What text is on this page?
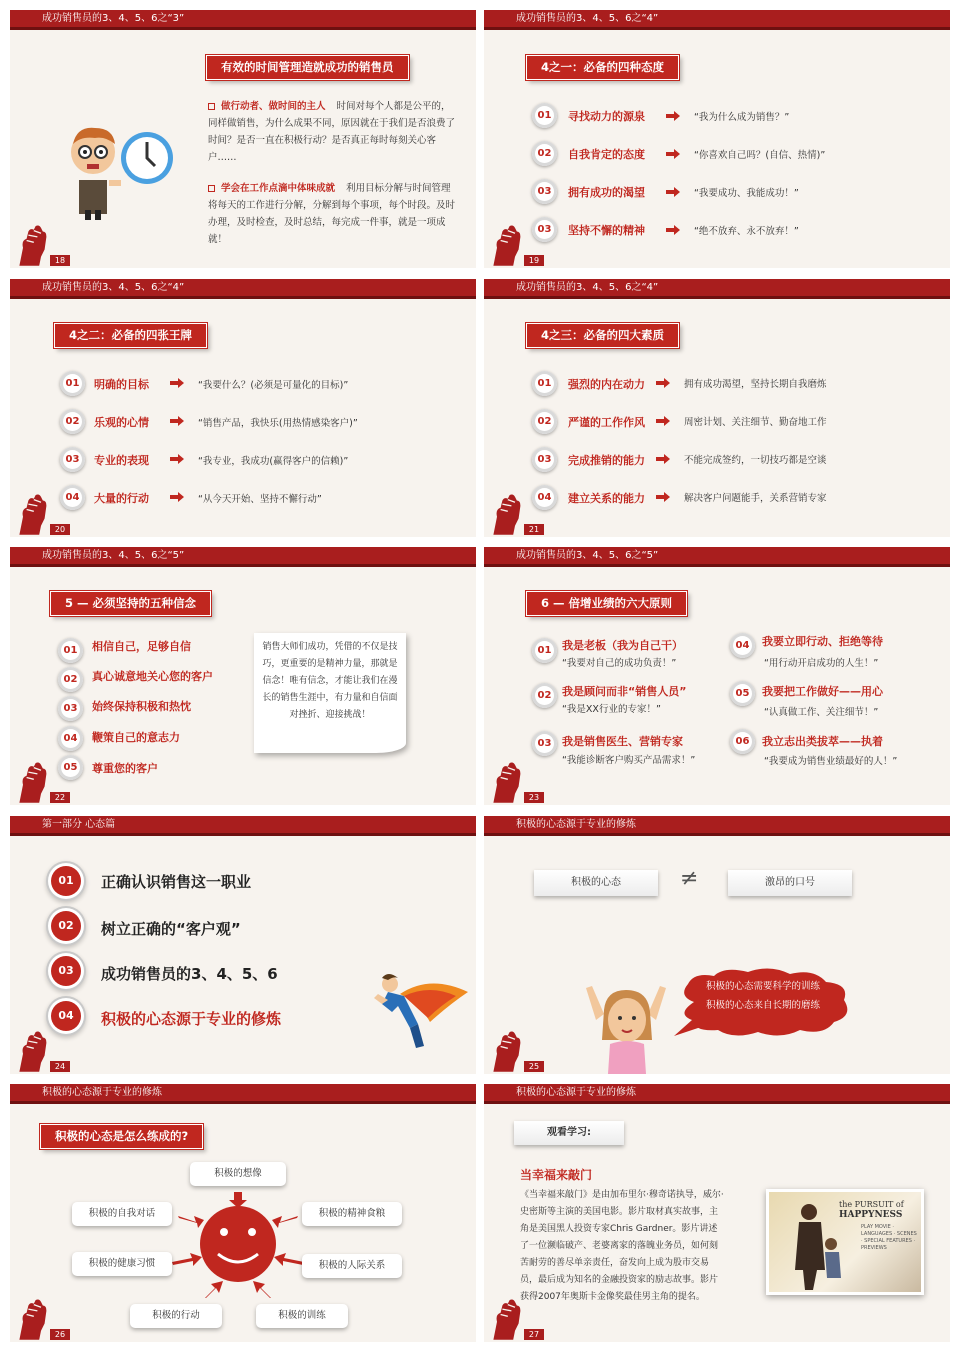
成功销售员的3、4、5、6之“3”
有效的时间管理造就成功的销售员
做行动者、做时间的主人 时间对每个人都是公平的，同样做销售，为什么成果不同，原因就在于我们是否浪费了时间？是否一直在积极行动？是否真正每时每刻关心客户……
学会在工作点滴中体味成就 利用目标分解与时间管理将每天的工作进行分解，分解到每个事项，每个时段。及时办理，及时检查，及时总结，每完成一件事，就是一项成就！
18
成功销售员的3、4、5、6之“4”
4之一：必备的四种态度
01	寻找动力的源泉	“我为什么成为销售？”
02	自我肯定的态度	“你喜欢自己吗？(自信、热情)”
03	拥有成功的渴望	“我要成功、我能成功！”
03	坚持不懈的精神	“绝不放弃、永不放弃！”
19
成功销售员的3、4、5、6之“4”
4之二：必备的四张王牌
01	明确的目标	“我要什么？(必须是可量化的目标)”
02	乐观的心情	“销售产品，我快乐(用热情感染客户)”
03	专业的表现	“我专业，我成功(赢得客户的信赖)”
04	大量的行动	“从今天开始、坚持不懈行动”
20
成功销售员的3、4、5、6之“4”
4之三：必备的四大素质
01	强烈的内在动力	拥有成功渴望，坚持长期自我磨炼
02	严谨的工作作风	周密计划、关注细节、勤奋地工作
03	完成推销的能力	不能完成签约，一切技巧都是空谈
04	建立关系的能力	解决客户问题能手，关系营销专家
21
成功销售员的3、4、5、6之“5”
5 — 必须坚持的五种信念
01	相信自己，足够自信
02	真心诚意地关心您的客户
03	始终保持积极和热忱
04	鞭策自己的意志力
05	尊重您的客户
销售大师们成功，凭借的不仅是技巧，更重要的是精神力量，那就是信念！唯有信念，才能让我们在漫长的销售生涯中，有力量和自信面对挫折、迎接挑战！
22
成功销售员的3、4、5、6之“5”
6 — 倍增业绩的六大原则
01 我是老板（我为自己干）
“我要对自己的成功负责！”
02 我是顾问而非“销售人员”
“我是XX行业的专家！”
03 我是销售医生、营销专家
“我能诊断客户购买产品需求！”
04	我要立即行动、拒绝等待
“用行动开启成功的人生！”
05	我要把工作做好——用心
“认真做工作、关注细节！”
06	我立志出类拔萃——执着
“我要成为销售业绩最好的人！”
23
第一部分 心态篇
01	正确认识销售这一职业
02	树立正确的“客户观”
03	成功销售员的3、4、5、6
04	积极的心态源于专业的修炼
24
积极的心态源于专业的修炼
积极的心态	≠	激昂的口号
积极的心态需要科学的训练
积极的心态来自长期的磨练
25
积极的心态源于专业的修炼
积极的心态是怎么练成的?
积极的想像
积极的自我对话	积极的精神食粮
积极的健康习惯	积极的人际关系
积极的行动	积极的训练
26
积极的心态源于专业的修炼
观看学习:
当幸福来敲门
《当幸福来敲门》是由加布里尔·穆奇诺执导，威尔·史密斯等主演的美国电影。影片取材真实故事，主角是美国黑人投资专家Chris Gardner。影片讲述了一位濒临破产、老婆离家的落魄业务员，如何刻苦耐劳的善尽单亲责任，奋发向上成为股市交易员，最后成为知名的金融投资家的励志故事。影片获得2007年奥斯卡金像奖最佳男主角的提名。
the PURSUIT of
HAPPYNESS
PLAY MOVIE · LANGUAGES · SCENES · SPECIAL FEATURES · PREVIEWS
27
